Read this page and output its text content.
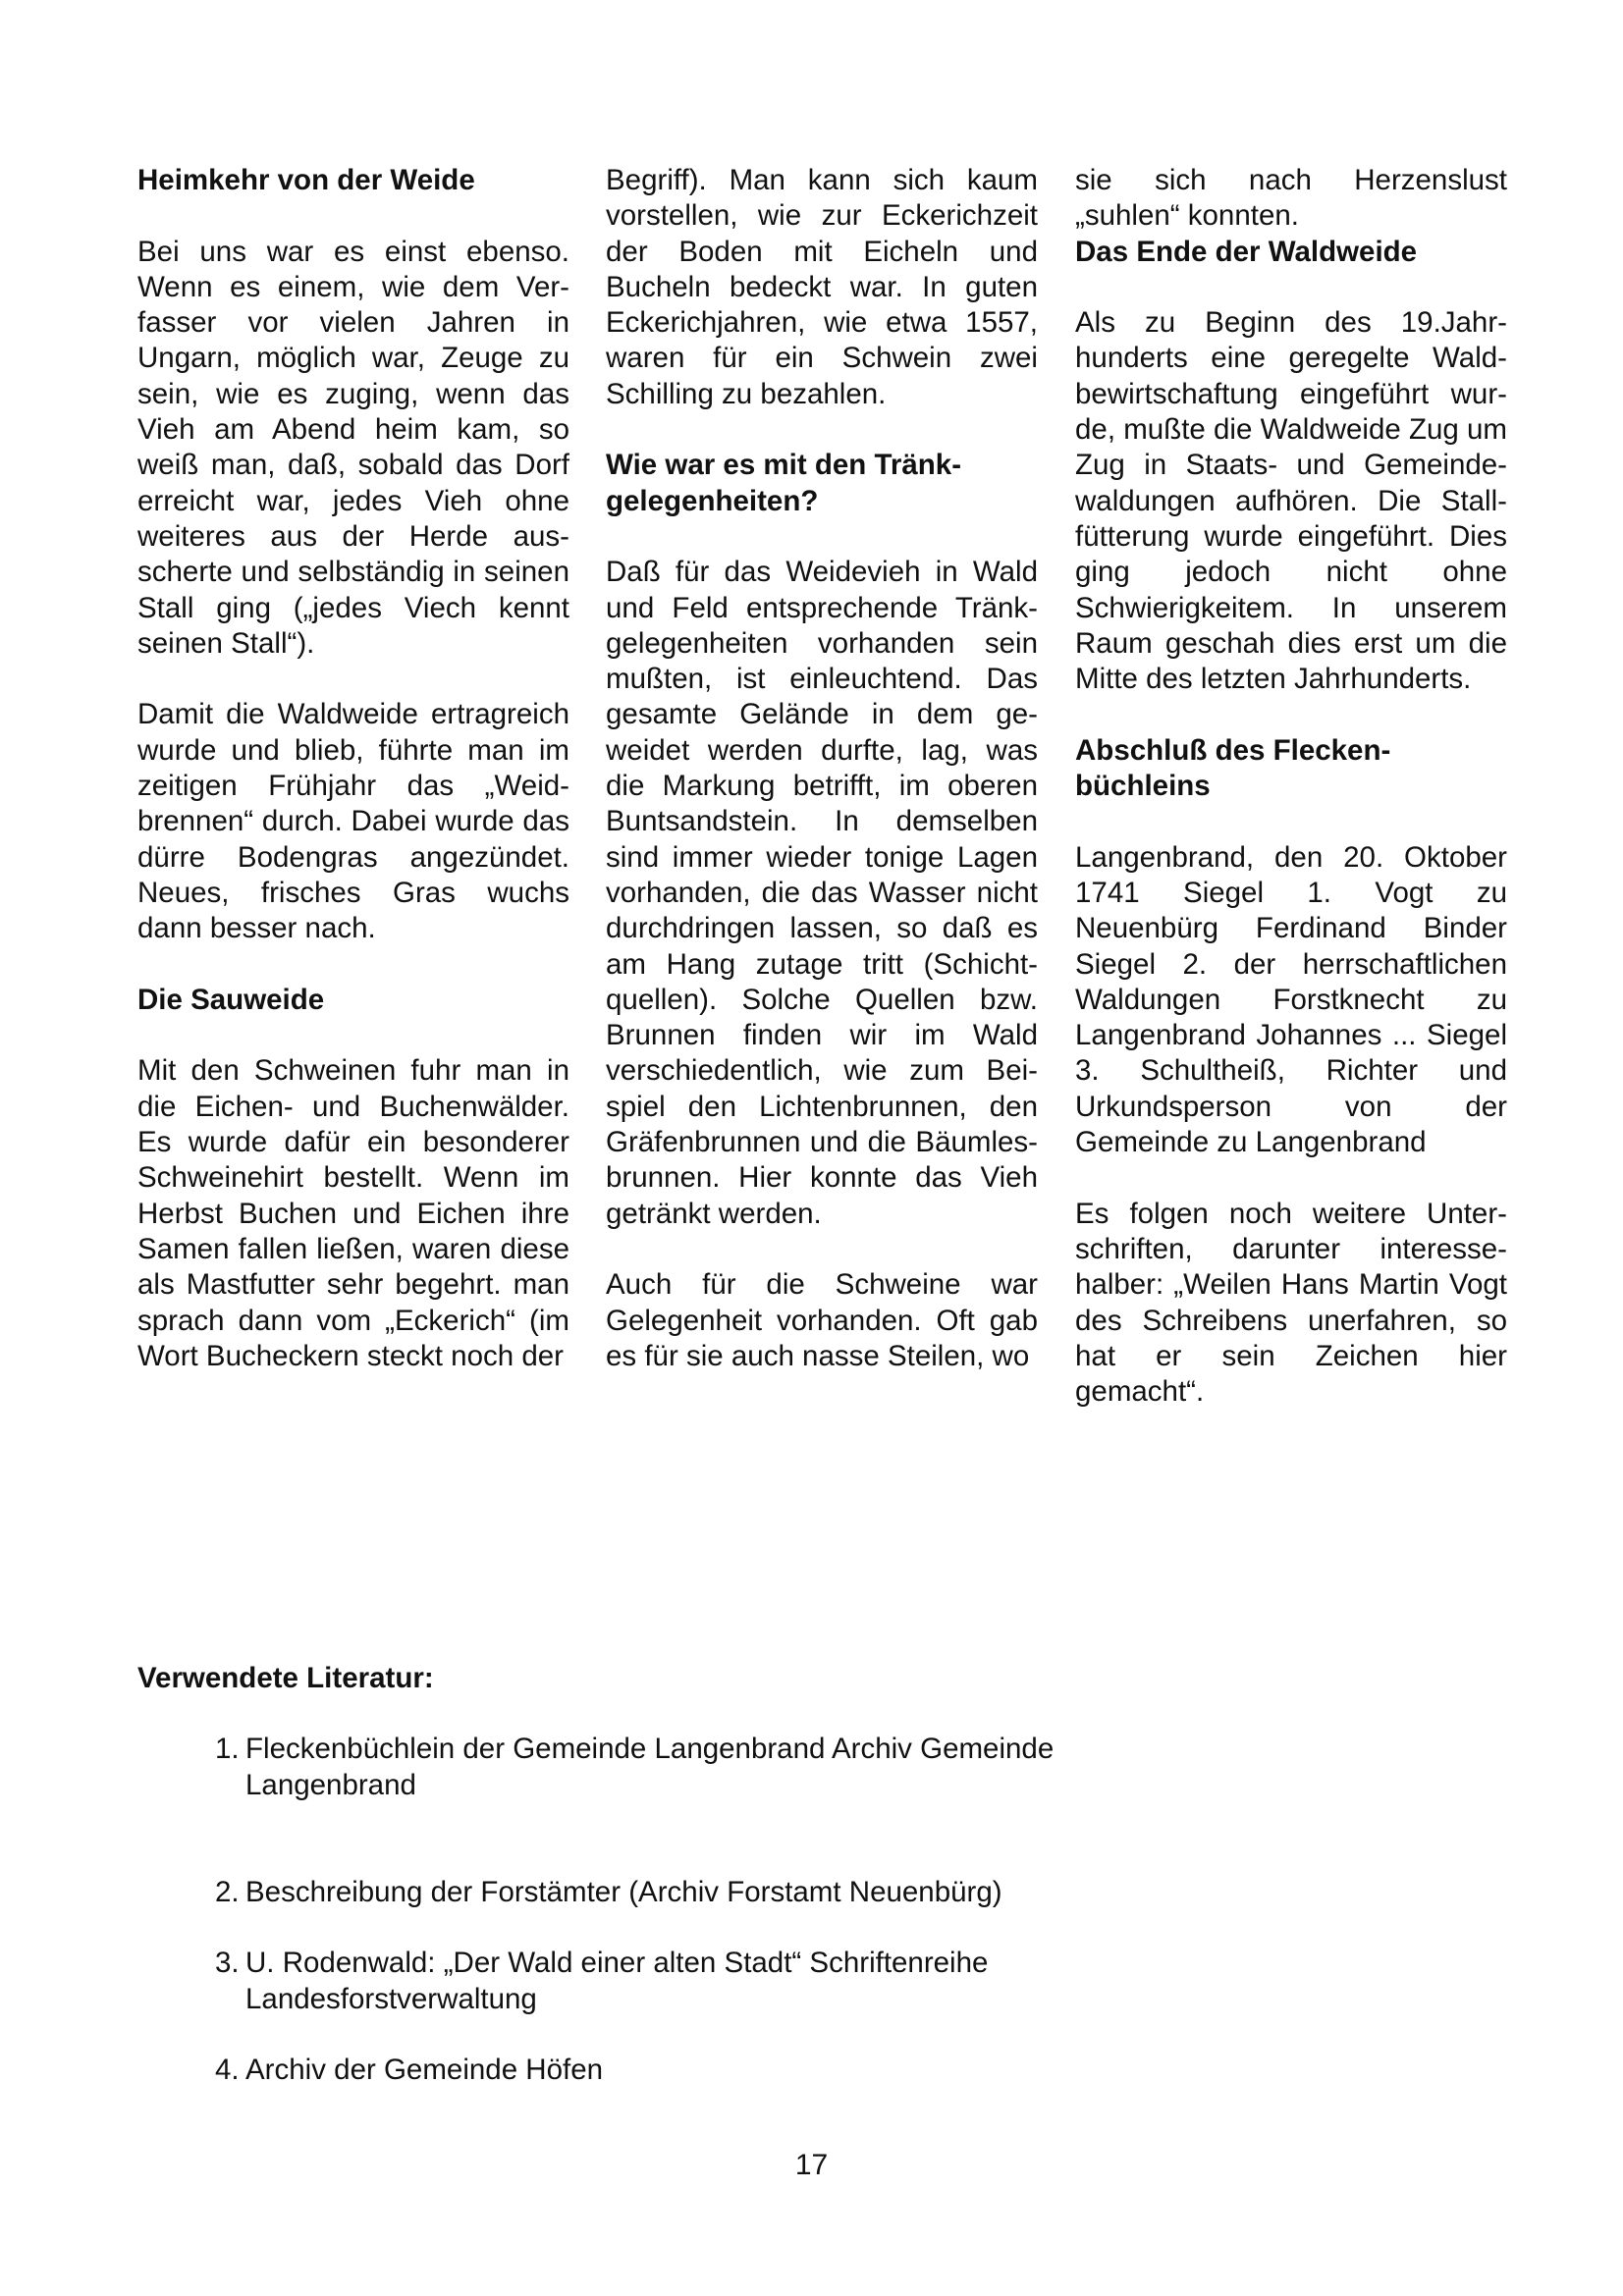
Heimkehr von der Weide

Bei uns war es einst ebenso. Wenn es einem, wie dem Verfasser vor vielen Jahren in Ungarn, möglich war, Zeuge zu sein, wie es zuging, wenn das Vieh am Abend heim kam, so weiß man, daß, sobald das Dorf erreicht war, jedes Vieh ohne weiteres aus der Herde ausscherte und selbständig in seinen Stall ging („jedes Viech kennt seinen Stall“).

Damit die Waldweide ertragreich wurde und blieb, führte man im zeitigen Frühjahr das „Weidbrennen“ durch. Dabei wurde das dürre Bodengras angezündet. Neues, frisches Gras wuchs dann besser nach.

Die Sauweide

Mit den Schweinen fuhr man in die Eichen- und Buchenwälder. Es wurde dafür ein besonderer Schweinehirt bestellt. Wenn im Herbst Buchen und Eichen ihre Samen fallen ließen, waren diese als Mastfutter sehr begehrt. man sprach dann vom „Eckerich“ (im Wort Bucheckern steckt noch der

Begriff). Man kann sich kaum vorstellen, wie zur Eckerichzeit der Boden mit Eicheln und Bucheln bedeckt war. In guten Eckerichjahren, wie etwa 1557, waren für ein Schwein zwei Schilling zu bezahlen.

Wie war es mit den Tränkgelegenheiten?

Daß für das Weidevieh in Wald und Feld entsprechende Tränkgelegenheiten vorhanden sein mußten, ist einleuchtend. Das gesamte Gelände in dem geweidet werden durfte, lag, was die Markung betrifft, im oberen Buntsandstein. In demselben sind immer wieder tonige Lagen vorhanden, die das Wasser nicht durchdringen lassen, so daß es am Hang zutage tritt (Schichtquellen). Solche Quellen bzw. Brunnen finden wir im Wald verschiedentlich, wie zum Beispiel den Lichtenbrunnen, den Gräfenbrunnen und die Bäumlesbrunnen. Hier konnte das Vieh getränkt werden.

Auch für die Schweine war Gelegenheit vorhanden. Oft gab es für sie auch nasse Steilen, wo

sie sich nach Herzenslust „suhlen“ konnten.

Das Ende der Waldweide

Als zu Beginn des 19.Jahrhunderts eine geregelte Waldbewirtschaftung eingeführt wurde, mußte die Waldweide Zug um Zug in Staats- und Gemeindewaldungen aufhören. Die Stallfütterung wurde eingeführt. Dies ging jedoch nicht ohne Schwierigkeitem. In unserem Raum geschah dies erst um die Mitte des letzten Jahrhunderts.

Abschluß des Fleckenbüchleins

Langenbrand, den 20. Oktober 1741 Siegel 1. Vogt zu Neuenbürg Ferdinand Binder Siegel 2. der herrschaftlichen Waldungen Forstknecht zu Langenbrand Johannes ... Siegel 3. Schultheiß, Richter und Urkundsperson von der Gemeinde zu Langenbrand

Es folgen noch weitere Unterschriften, darunter interessehalber: „Weilen Hans Martin Vogt des Schreibens unerfahren, so hat er sein Zeichen hier gemacht“.

Verwendete Literatur:
1. Fleckenbüchlein der Gemeinde Langenbrand Archiv Gemeinde Langenbrand
2. Beschreibung der Forstämter (Archiv Forstamt Neuenbürg)
3. U. Rodenwald: „Der Wald einer alten Stadt“ Schriftenreihe Landesforstverwaltung
4. Archiv der Gemeinde Höfen
17
